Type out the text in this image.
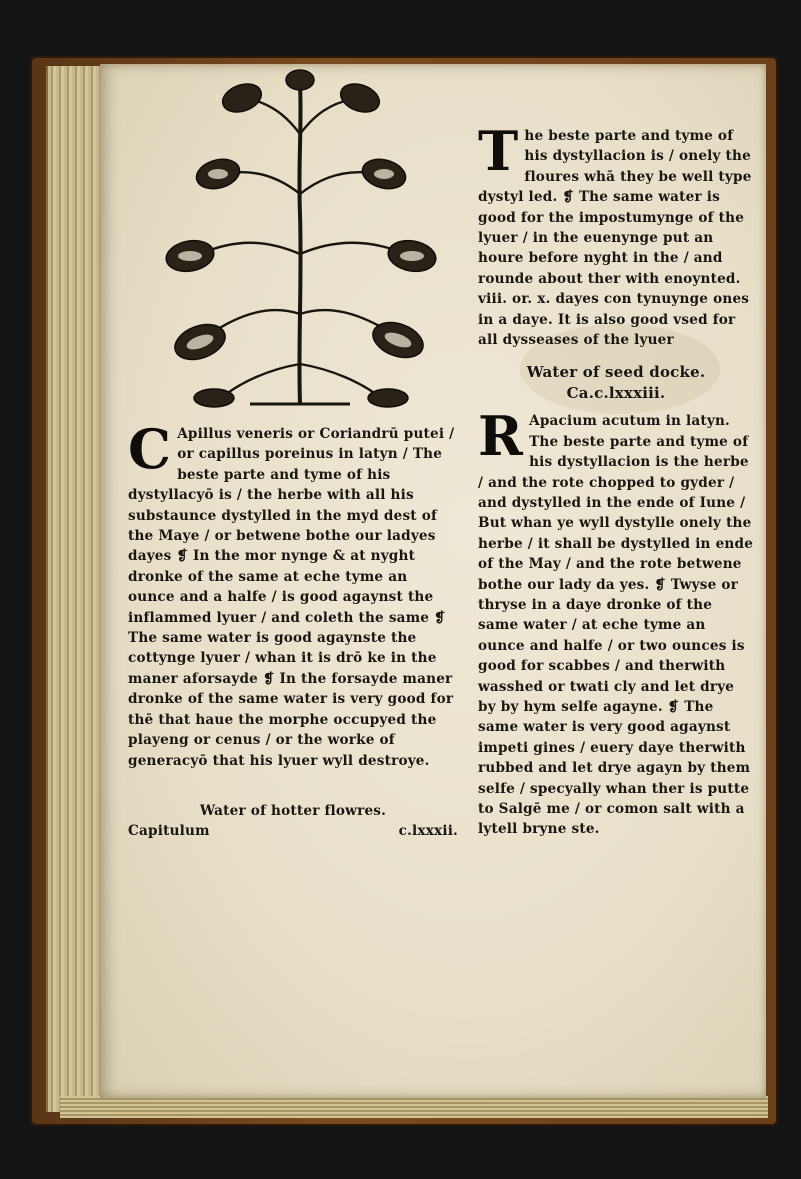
The beste parte and tyme of his dystyllacion is / onely the floures whā they be well type dystyl led. ❡ The same water is good for the impostumynge of the lyuer / in the euenynge put an houre before nyght in the / and rounde about ther with enoynted. viii. or. x. dayes con tynuynge ones in a daye. It is also good vsed for all dysseases of the lyuer

Water of seed docke. Ca.c.lxxxiii.

R Apacium acutum in latyn. The beste parte and tyme of his dystyllacion is the herbe / and the rote chopped to gyder / and dystylled in the ende of Iune / But whan ye wyll dystylle onely the herbe / it shall be dystylled in ende of the May / and the rote betwene bothe our lady da yes. ❡ Twyse or thryse in a daye dronke of the same water / at eche tyme an ounce and halfe / or two ounces is good for scabbes / and therwith wasshed or twati cly and let drye by by hym selfe agayne. ❡ The same water is very good agaynst impeti gines / euery daye therwith rubbed and let drye agayn by them selfe / specyally whan ther is putte to Salgē me / or comon salt with a lytell bryne ste.

C Apillus veneris or Coriandrū putei / or capillus poreinus in latyn / The beste parte and tyme of his dystyllacyō is / the herbe with all his substaunce dystylled in the myd dest of the Maye / or betwene bothe our ladyes dayes ❡ In the mor nynge & at nyght dronke of the same at eche tyme an ounce and a halfe / is good agaynst the inflammed lyuer / and coleth the same ❡ The same water is good agaynste the cottynge lyuer / whan it is drō ke in the maner aforsayde ❡ In the forsayde maner dronke of the same water is very good for thē that haue the morphe occupyed the playeng or cenus / or the worke of generacyō that his lyuer wyll destroye.

Water of hotter flowres.
Capitulum	c.lxxxii.
